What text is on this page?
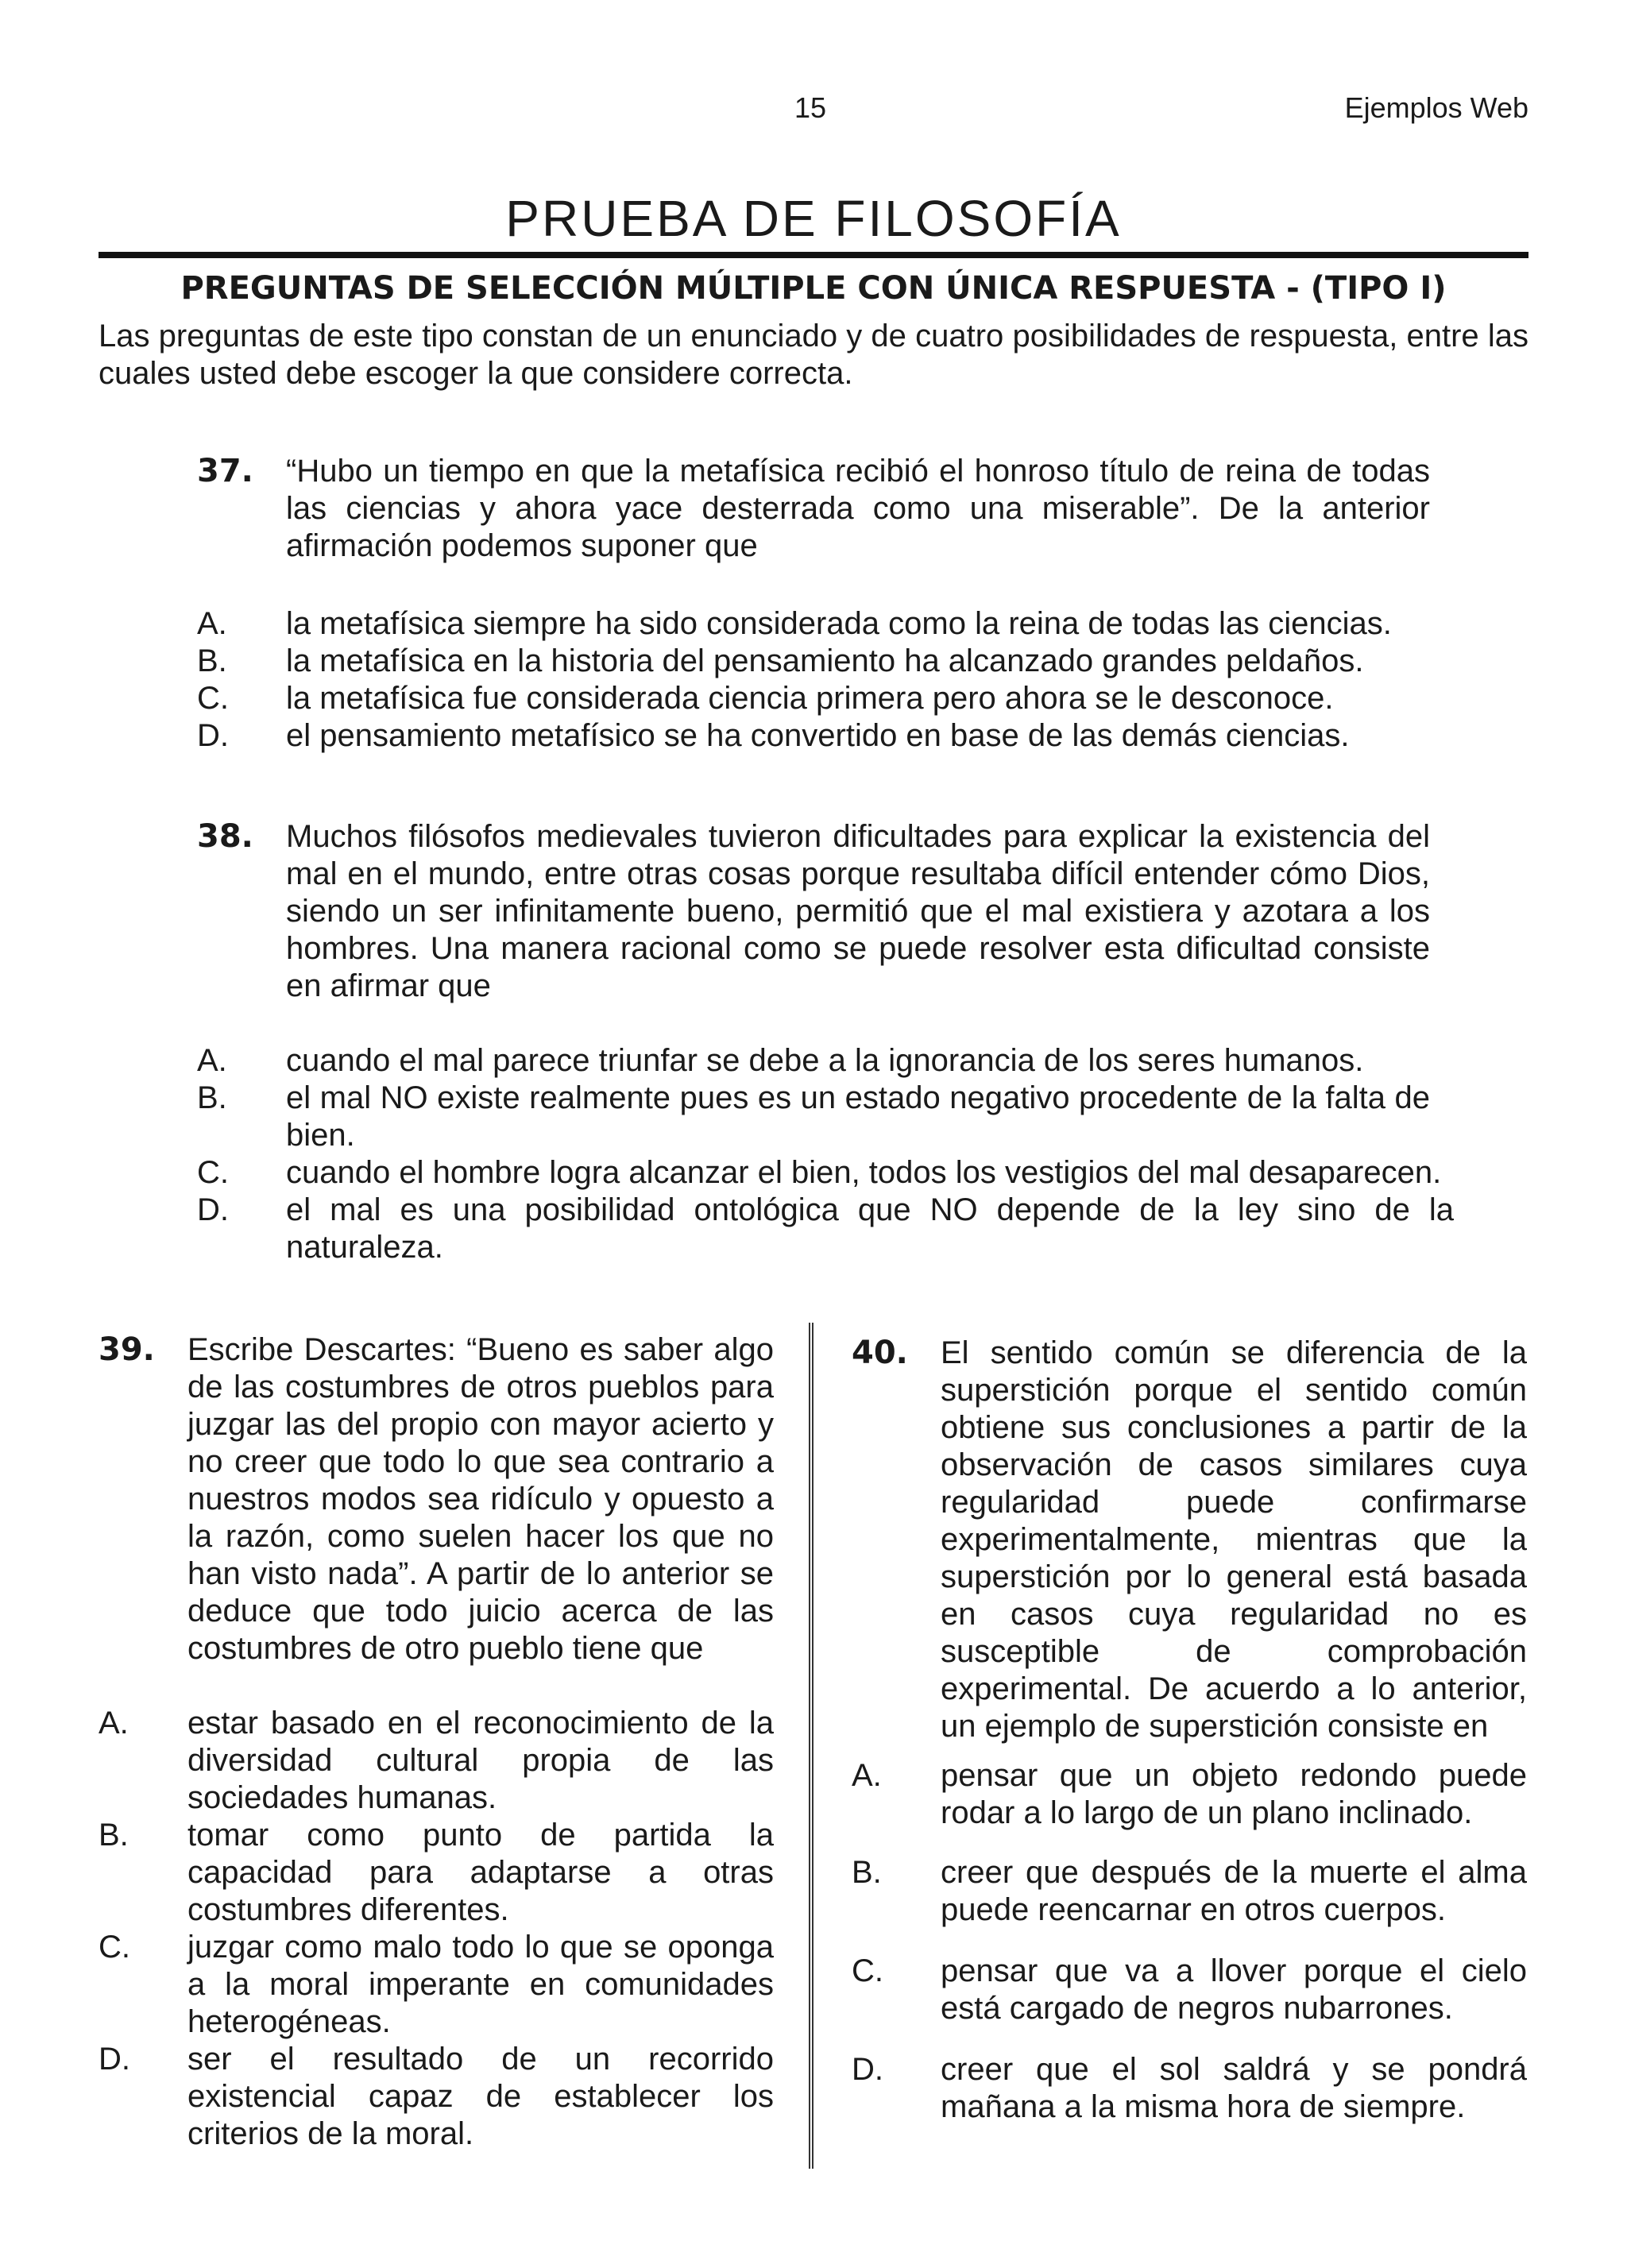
15	Ejemplos Web
PRUEBA DE FILOSOFÍA
PREGUNTAS DE SELECCIÓN MÚLTIPLE CON ÚNICA RESPUESTA - (TIPO I)
Las preguntas de este tipo constan de un enunciado y de cuatro posibilidades de respuesta, entre las cuales usted debe escoger la que considere correcta.
37. “Hubo un tiempo en que la metafísica recibió el honroso título de reina de todas las ciencias y ahora yace desterrada como una miserable”. De la anterior afirmación podemos suponer que
A. la metafísica siempre ha sido considerada como la reina de todas las ciencias.
B. la metafísica en la historia del pensamiento ha alcanzado grandes peldaños.
C. la metafísica fue considerada ciencia primera pero ahora se le desconoce.
D. el pensamiento metafísico se ha convertido en base de las demás ciencias.
38. Muchos filósofos medievales tuvieron dificultades para explicar la existencia del mal en el mundo, entre otras cosas porque resultaba difícil entender cómo Dios, siendo un ser infinitamente bueno, permitió que el mal existiera y azotara a los hombres. Una manera racional como se puede resolver esta dificultad consiste en afirmar que
A. cuando el mal parece triunfar se debe a la ignorancia de los seres humanos.
B. el mal NO existe realmente pues es un estado negativo procedente de la falta de bien.
C. cuando el hombre logra alcanzar el bien, todos los vestigios del mal desaparecen.
D. el mal es una posibilidad ontológica que NO depende de la ley sino de la naturaleza.
39. Escribe Descartes: “Bueno es saber algo de las costumbres de otros pueblos para juzgar las del propio con mayor acierto y no creer que todo lo que sea contrario a nuestros modos sea ridículo y opuesto a la razón, como suelen hacer los que no han visto nada”. A partir de lo anterior se deduce que todo juicio acerca de las costumbres de otro pueblo tiene que
A. estar basado en el reconocimiento de la diversidad cultural propia de las sociedades humanas.
B. tomar como punto de partida la capacidad para adaptarse a otras costumbres diferentes.
C. juzgar como malo todo lo que se oponga a la moral imperante en comunidades heterogéneas.
D. ser el resultado de un recorrido existencial capaz de establecer los criterios de la moral.
40. El sentido común se diferencia de la superstición porque el sentido común obtiene sus conclusiones a partir de la observación de casos similares cuya regularidad puede confirmarse experimentalmente, mientras que la superstición por lo general está basada en casos cuya regularidad no es susceptible de comprobación experimental. De acuerdo a lo anterior, un ejemplo de superstición consiste en
A. pensar que un objeto redondo puede rodar a lo largo de un plano inclinado.
B. creer que después de la muerte el alma puede reencarnar en otros cuerpos.
C. pensar que va a llover porque el cielo está cargado de negros nubarrones.
D. creer que el sol saldrá y se pondrá mañana a la misma hora de siempre.
